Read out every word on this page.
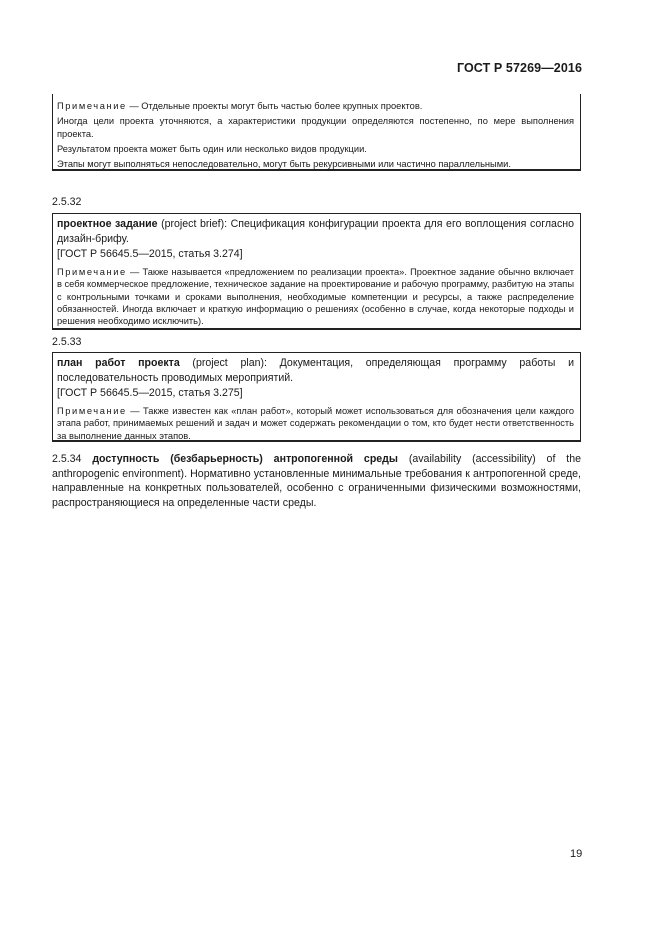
ГОСТ Р 57269—2016

Примечание — Отдельные проекты могут быть частью более крупных проектов.

Иногда цели проекта уточняются, а характеристики продукции определяются постепенно, по мере выполнения проекта.

Результатом проекта может быть один или несколько видов продукции.

Этапы могут выполняться непоследовательно, могут быть рекурсивными или частично параллельными.

2.5.32

проектное задание (project brief): Спецификация конфигурации проекта для его воплощения согласно дизайн-брифу.

[ГОСТ Р 56645.5—2015, статья 3.274]

Примечание — Также называется «предложением по реализации проекта». Проектное задание обычно включает в себя коммерческое предложение, техническое задание на проектирование и рабочую программу, разбитую на этапы с контрольными точками и сроками выполнения, необходимые компетенции и ресурсы, а также распределение обязанностей. Иногда включает и краткую информацию о решениях (особенно в случае, когда некоторые подходы и решения необходимо исключить).

2.5.33

план работ проекта (project plan): Документация, определяющая программу работы и последовательность проводимых мероприятий.

[ГОСТ Р 56645.5—2015, статья 3.275]

Примечание — Также известен как «план работ», который может использоваться для обозначения цели каждого этапа работ, принимаемых решений и задач и может содержать рекомендации о том, кто будет нести ответственность за выполнение данных этапов.

2.5.34 доступность (безбарьерность) антропогенной среды (availability (accessibility) of the anthropogenic environment). Нормативно установленные минимальные требования к антропогенной среде, направленные на конкретных пользователей, особенно с ограниченными физическими возможностями, распространяющиеся на определенные части среды.

19
